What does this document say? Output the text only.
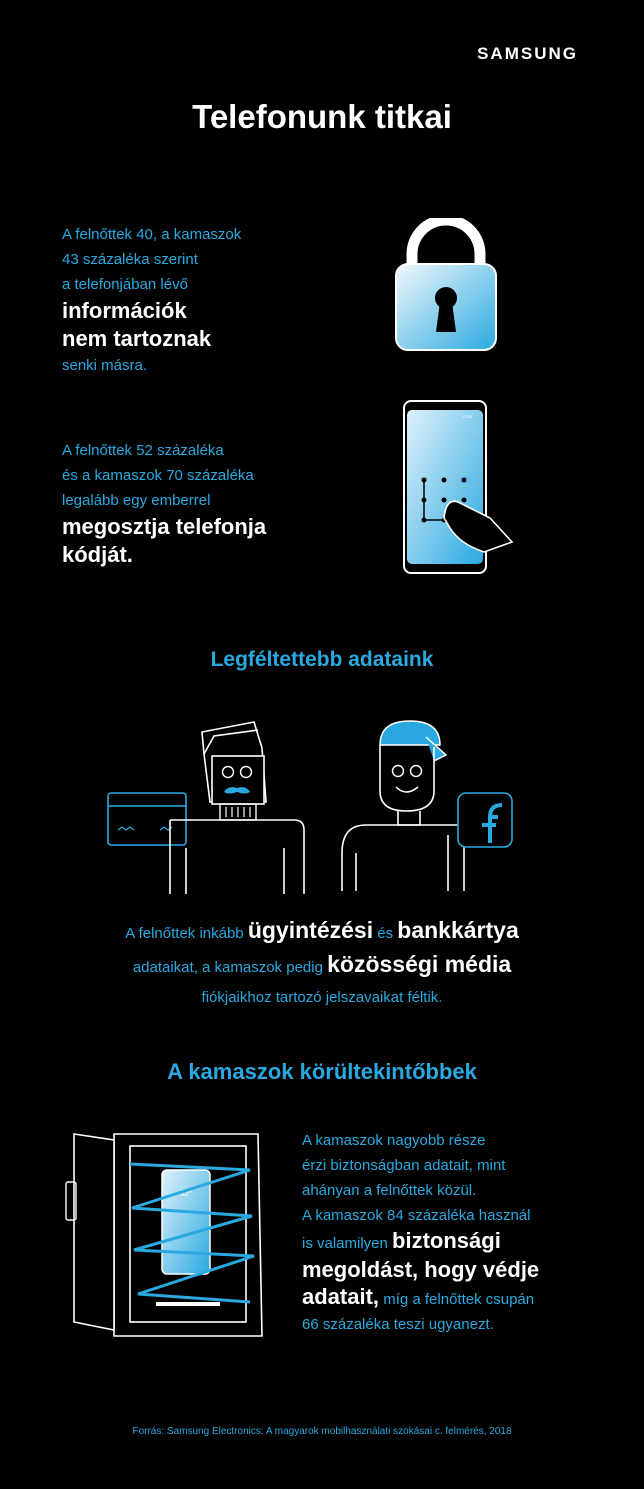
SAMSUNG
Telefonunk titkai
A felnőttek 40, a kamaszok
43 százaléka szerint
a telefonjában lévő
információk
nem tartoznak
senki másra.
A felnőttek 52 százaléka
és a kamaszok 70 százaléka
legalább egy emberrel
megosztja telefonja
kódját.
12:45
Legféltettebb adataink
A felnőttek inkább ügyintézési és bankkártya
adataikat, a kamaszok pedig közösségi média
fiókjaikhoz tartozó jelszavaikat féltik.
A kamaszok körültekintőbbek
32°
A kamaszok nagyobb része
érzi biztonságban adatait, mint
ahányan a felnőttek közül.
A kamaszok 84 százaléka használ
is valamilyen biztonsági
megoldást, hogy védje
adatait, míg a felnőttek csupán
66 százaléka teszi ugyanezt.
Forrás: Samsung Electronics: A magyarok mobilhasználati szokásai c. felmérés, 2018
